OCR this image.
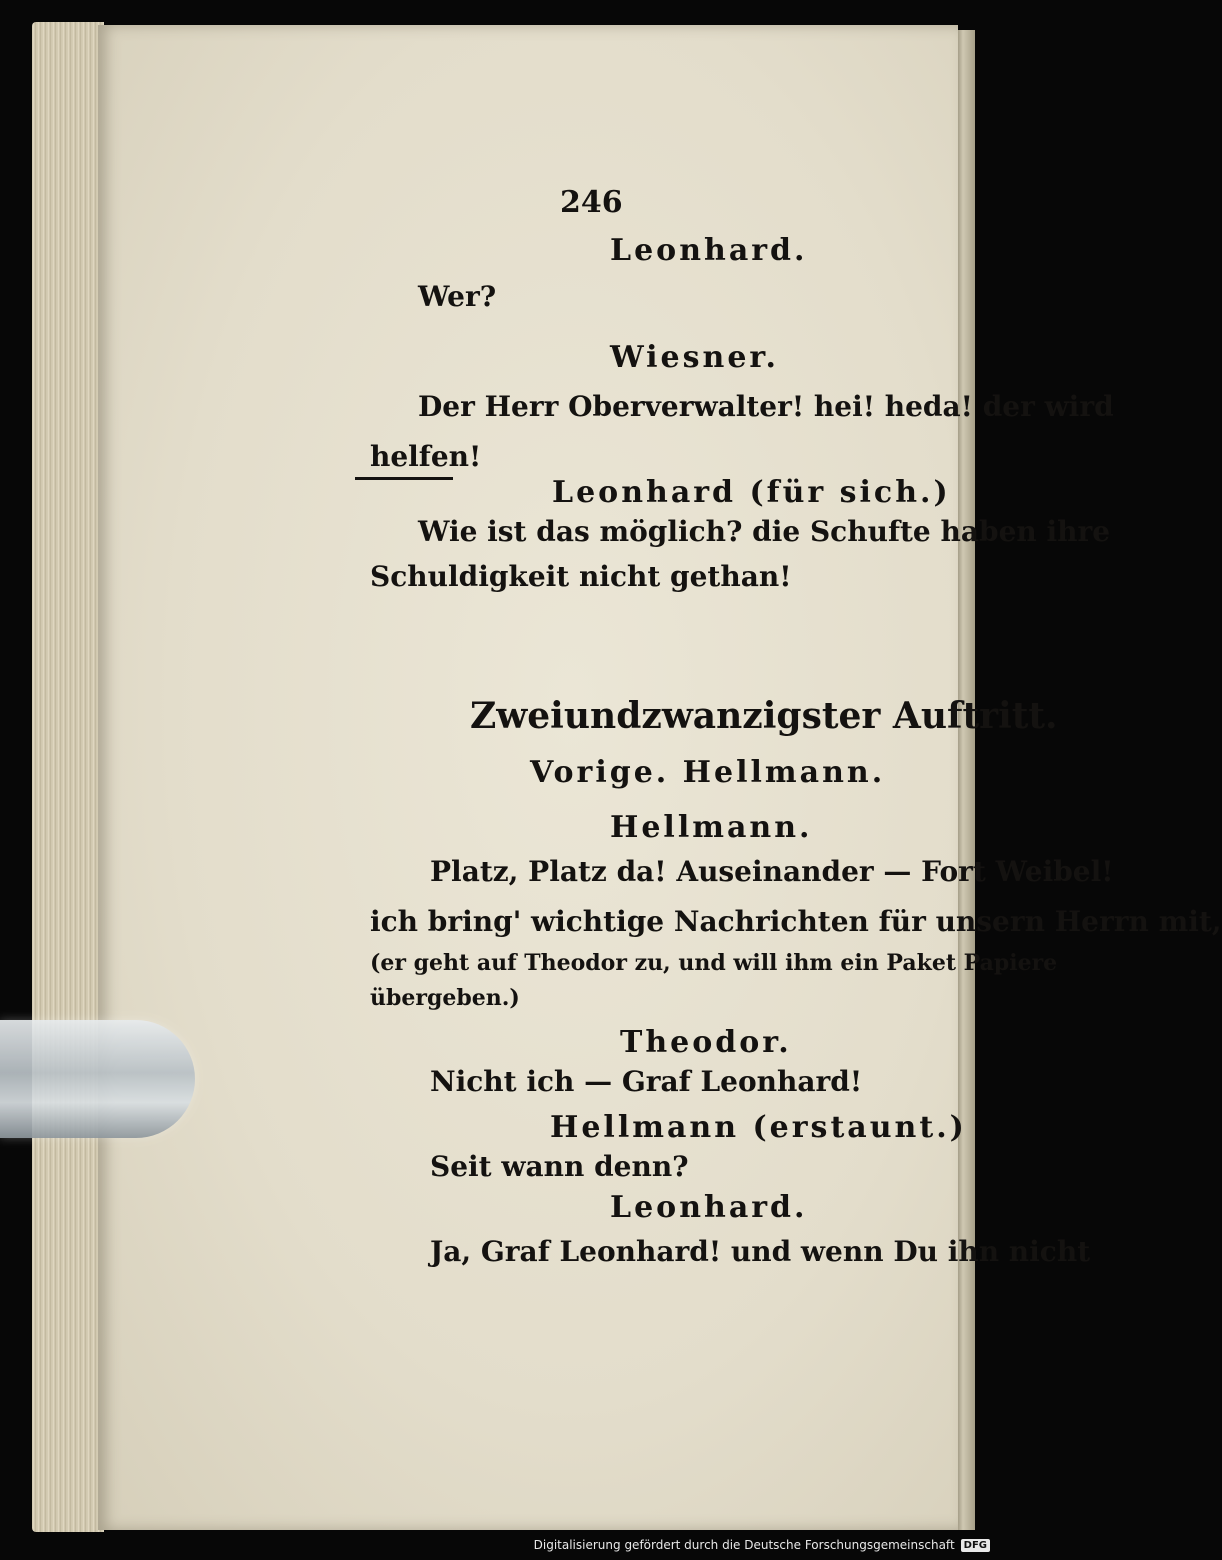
246
Leonhard.
Wer?
Wiesner.
Der Herr Oberverwalter! hei! heda! der wird
helfen!
Leonhard (für sich.)
Wie ist das möglich? die Schufte haben ihre
Schuldigkeit nicht gethan!
Zweiundzwanzigster Auftritt.
Vorige. Hellmann.
Hellmann.
Platz, Platz da! Auseinander — Fort Weibel!
ich bring' wichtige Nachrichten für unsern Herrn mit,
(er geht auf Theodor zu, und will ihm ein Paket Papiere
übergeben.)
Theodor.
Nicht ich — Graf Leonhard!
Hellmann (erstaunt.)
Seit wann denn?
Leonhard.
Ja, Graf Leonhard! und wenn Du ihn nicht
Digitalisierung gefördert durch die Deutsche Forschungsgemeinschaft DFG
